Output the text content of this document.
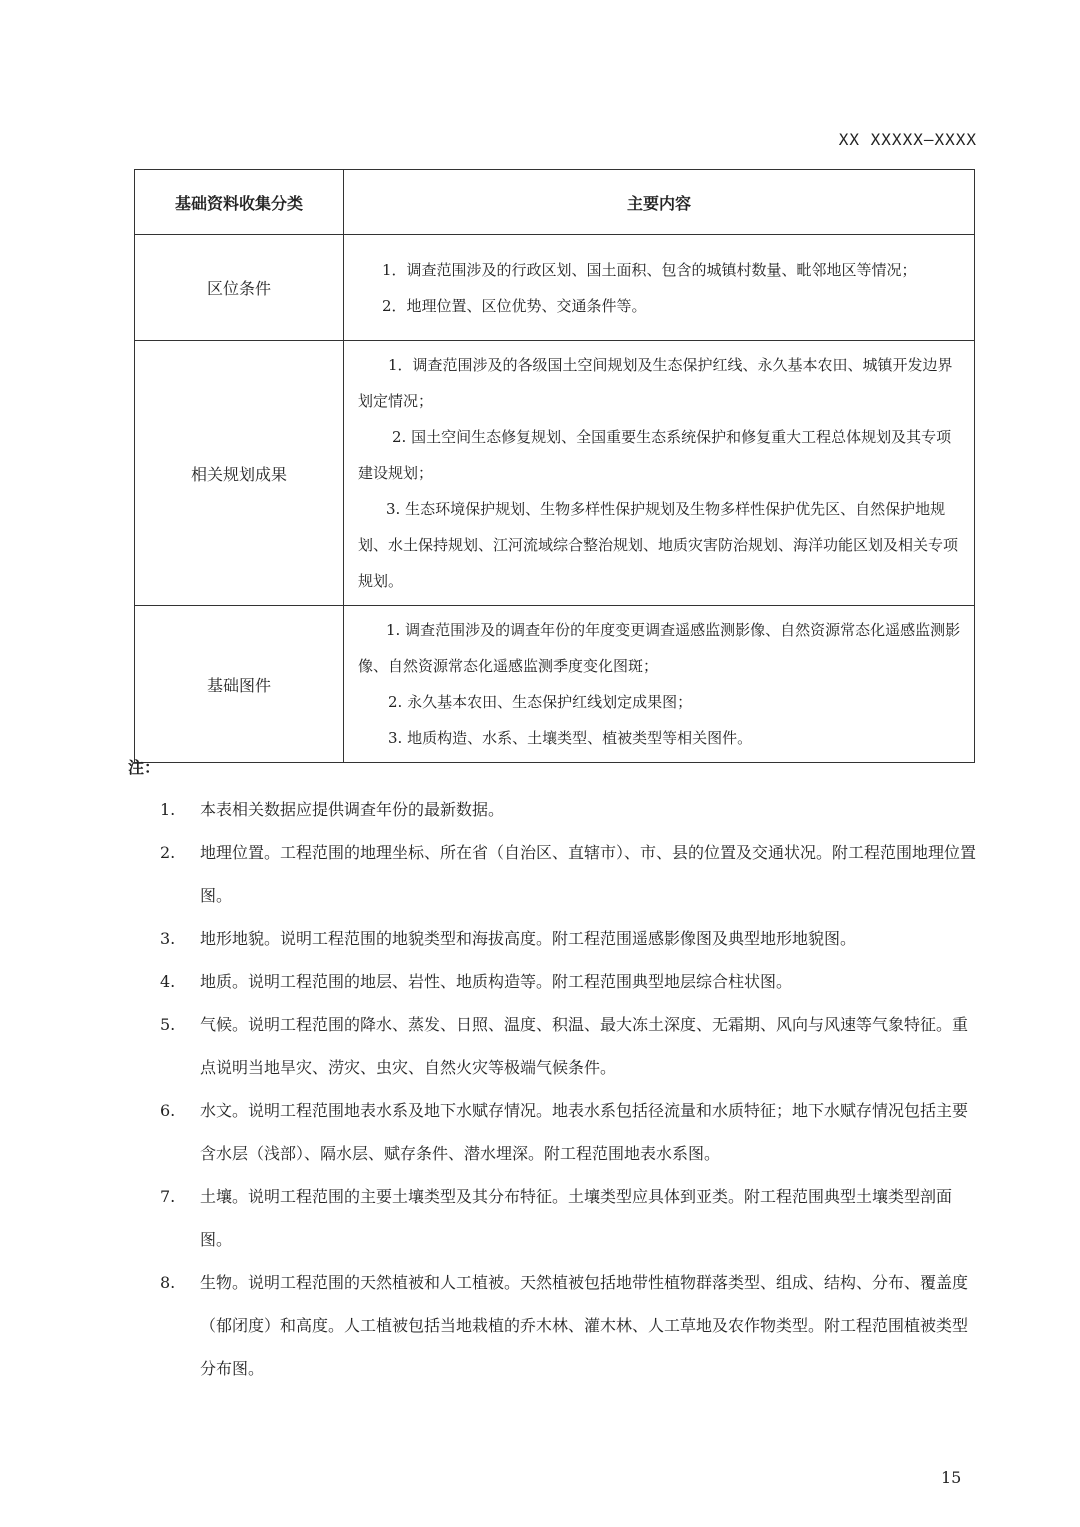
XX XXXXX—XXXX
基础资料收集分类	主要内容
区位条件	1．调查范围涉及的行政区划、国土面积、包含的城镇村数量、毗邻地区等情况；
2．地理位置、区位优势、交通条件等。

相关规划成果	1．调查范围涉及的各级国土空间规划及生态保护红线、永久基本农田、城镇开发边界划定情况；
2. 国土空间生态修复规划、全国重要生态系统保护和修复重大工程总体规划及其专项建设规划；
3. 生态环境保护规划、生物多样性保护规划及生物多样性保护优先区、自然保护地规划、水土保持规划、江河流域综合整治规划、地质灾害防治规划、海洋功能区划及相关专项规划。

基础图件	1. 调查范围涉及的调查年份的年度变更调查遥感监测影像、自然资源常态化遥感监测影像、自然资源常态化遥感监测季度变化图斑；
2. 永久基本农田、生态保护红线划定成果图；
3. 地质构造、水系、土壤类型、植被类型等相关图件。
注：
1.	本表相关数据应提供调查年份的最新数据。
2.	地理位置。工程范围的地理坐标、所在省（自治区、直辖市）、市、县的位置及交通状况。附工程范围地理位置图。
3.	地形地貌。说明工程范围的地貌类型和海拔高度。附工程范围遥感影像图及典型地形地貌图。
4.	地质。说明工程范围的地层、岩性、地质构造等。附工程范围典型地层综合柱状图。
5.	气候。说明工程范围的降水、蒸发、日照、温度、积温、最大冻土深度、无霜期、风向与风速等气象特征。重点说明当地旱灾、涝灾、虫灾、自然火灾等极端气候条件。
6.	水文。说明工程范围地表水系及地下水赋存情况。地表水系包括径流量和水质特征；地下水赋存情况包括主要含水层（浅部）、隔水层、赋存条件、潜水埋深。附工程范围地表水系图。
7.	土壤。说明工程范围的主要土壤类型及其分布特征。土壤类型应具体到亚类。附工程范围典型土壤类型剖面图。
8.	生物。说明工程范围的天然植被和人工植被。天然植被包括地带性植物群落类型、组成、结构、分布、覆盖度（郁闭度）和高度。人工植被包括当地栽植的乔木林、灌木林、人工草地及农作物类型。附工程范围植被类型分布图。
15
